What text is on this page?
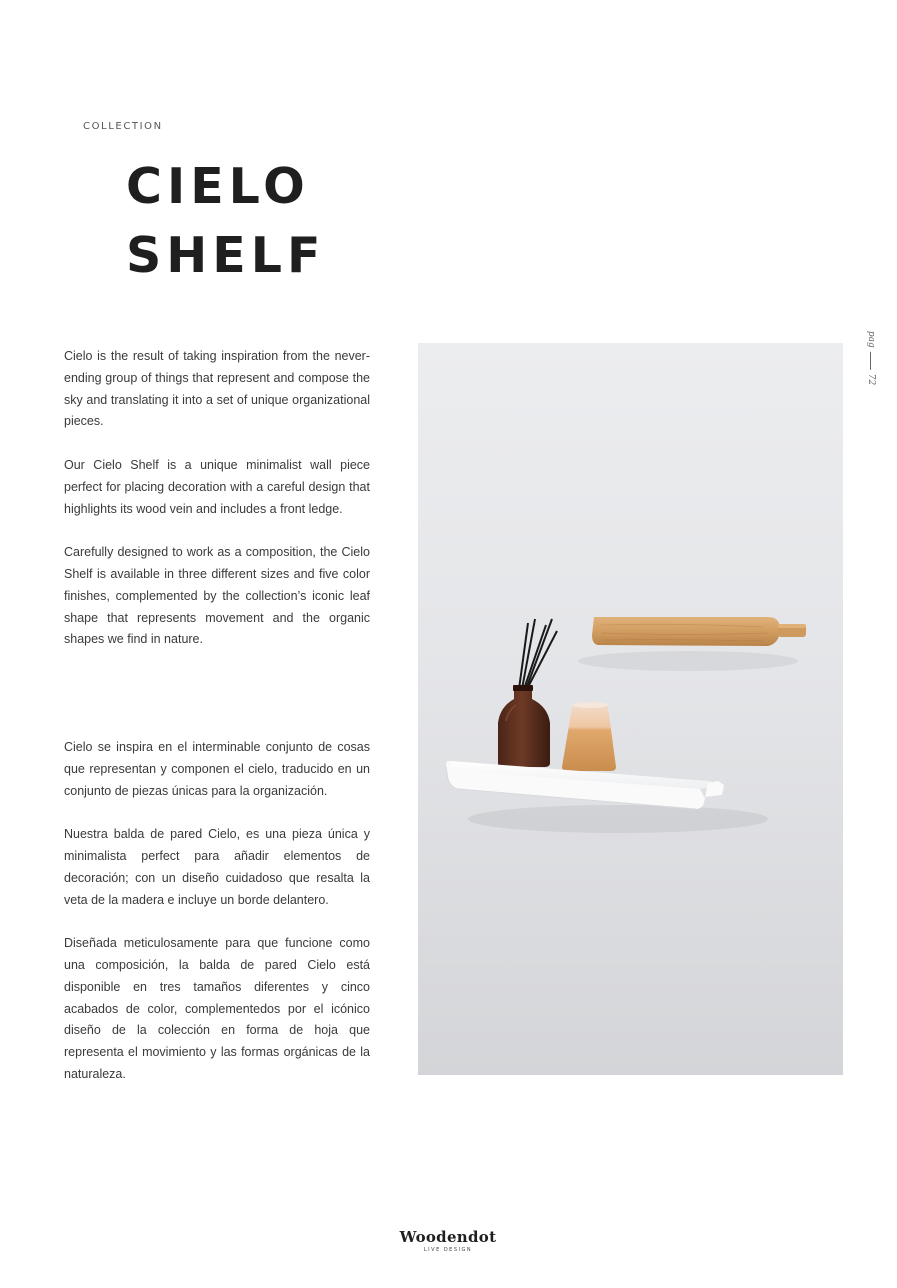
COLLECTION
CIELO
SHELF

Cielo is the result of taking inspiration from the never-ending group of things that represent and compose the sky and translating it into a set of unique organizational pieces.

Our Cielo Shelf is a unique minimalist wall piece perfect for placing decoration with a careful design that highlights its wood vein and includes a front ledge.

Carefully designed to work as a composition, the Cielo Shelf is available in three different sizes and five color finishes, complemented by the collection’s iconic leaf shape that represents movement and the organic shapes we find in nature.

Cielo se inspira en el interminable conjunto de cosas que representan y componen el cielo, traducido en un conjunto de piezas únicas para la organización.

Nuestra balda de pared Cielo, es una pieza única y minimalista perfect para añadir elementos de decoración; con un diseño cuidadoso que resalta la veta de la madera e incluye un borde delantero.

Diseñada meticulosamente para que funcione como una composición, la balda de pared Cielo está disponible en tres tamaños diferentes y cinco acabados de color, complementedos por el icónico diseño de la colección en forma de hoja que representa el movimiento y las formas orgánicas de la naturaleza.

pag
72
Woodendot
LIVE DESIGN
